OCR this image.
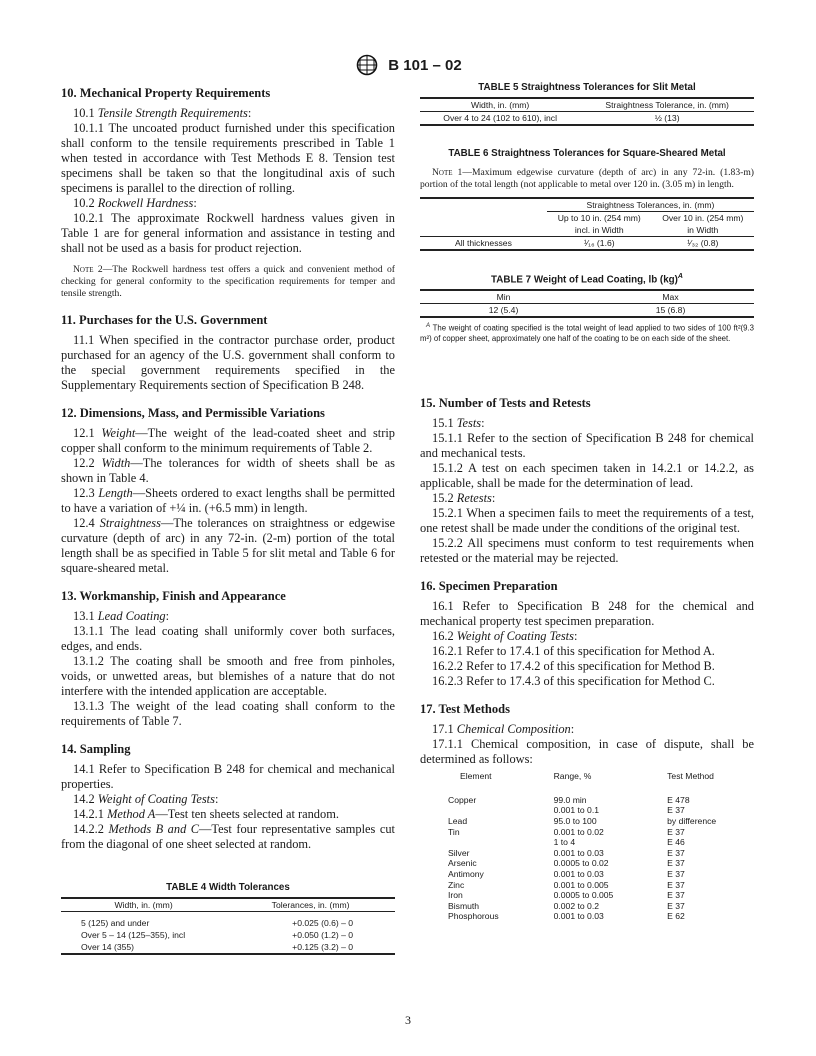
B 101 – 02
10. Mechanical Property Requirements

10.1 Tensile Strength Requirements:

10.1.1 The uncoated product furnished under this specification shall conform to the tensile requirements prescribed in Table 1 when tested in accordance with Test Methods E 8. Tension test specimens shall be taken so that the longitudinal axis of such specimens is parallel to the direction of rolling.

10.2 Rockwell Hardness:

10.2.1 The approximate Rockwell hardness values given in Table 1 are for general information and assistance in testing and shall not be used as a basis for product rejection.

Note 2—The Rockwell hardness test offers a quick and convenient method of checking for general conformity to the specification requirements for temper and tensile strength.

11. Purchases for the U.S. Government

11.1 When specified in the contractor purchase order, product purchased for an agency of the U.S. government shall conform to the special government requirements specified in the Supplementary Requirements section of Specification B 248.

12. Dimensions, Mass, and Permissible Variations

12.1 Weight—The weight of the lead-coated sheet and strip copper shall conform to the minimum requirements of Table 2.

12.2 Width—The tolerances for width of sheets shall be as shown in Table 4.

12.3 Length—Sheets ordered to exact lengths shall be permitted to have a variation of +¼ in. (+6.5 mm) in length.

12.4 Straightness—The tolerances on straightness or edgewise curvature (depth of arc) in any 72-in. (2-m) portion of the total length shall be as specified in Table 5 for slit metal and Table 6 for square-sheared metal.

13. Workmanship, Finish and Appearance

13.1 Lead Coating:

13.1.1 The lead coating shall uniformly cover both surfaces, edges, and ends.

13.1.2 The coating shall be smooth and free from pinholes, voids, or unwetted areas, but blemishes of a nature that do not interfere with the intended application are acceptable.

13.1.3 The weight of the lead coating shall conform to the requirements of Table 7.

14. Sampling

14.1 Refer to Specification B 248 for chemical and mechanical properties.

14.2 Weight of Coating Tests:

14.2.1 Method A—Test ten sheets selected at random.

14.2.2 Methods B and C—Test four representative samples cut from the diagonal of one sheet selected at random.

TABLE 4 Width Tolerances
Width, in. (mm)	Tolerances, in. (mm)

5 (125) and under	+0.025 (0.6) – 0
Over 5 – 14 (125–355), incl	+0.050 (1.2) – 0
Over 14 (355)	+0.125 (3.2) – 0
TABLE 5 Straightness Tolerances for Slit Metal
Width, in. (mm)	Straightness Tolerance, in. (mm)
Over 4 to 24 (102 to 610), incl	½ (13)
TABLE 6 Straightness Tolerances for Square-Sheared Metal

Note 1—Maximum edgewise curvature (depth of arc) in any 72-in. (1.83-m) portion of the total length (not applicable to metal over 120 in. (3.05 m) in length.

	Straightness Tolerances, in. (mm)	
	Up to 10 in. (254 mm)	Over 10 in. (254 mm)
	incl. in Width	in Width
All thicknesses	¹⁄₁₆ (1.6)	¹⁄₃₂ (0.8)
TABLE 7 Weight of Lead Coating, lb (kg)$^A$
Min	Max
12 (5.4)	15 (6.8)

$^A$ The weight of coating specified is the total weight of lead applied to two sides of 100 ft²(9.3 m²) of copper sheet, approximately one half of the coating to be on each side of the sheet.

15. Number of Tests and Retests

15.1 Tests:

15.1.1 Refer to the section of Specification B 248 for chemical and mechanical tests.

15.1.2 A test on each specimen taken in 14.2.1 or 14.2.2, as applicable, shall be made for the determination of lead.

15.2 Retests:

15.2.1 When a specimen fails to meet the requirements of a test, one retest shall be made under the conditions of the original test.

15.2.2 All specimens must conform to test requirements when retested or the material may be rejected.

16. Specimen Preparation

16.1 Refer to Specification B 248 for the chemical and mechanical property test specimen preparation.

16.2 Weight of Coating Tests:

16.2.1 Refer to 17.4.1 of this specification for Method A.

16.2.2 Refer to 17.4.2 of this specification for Method B.

16.2.3 Refer to 17.4.3 of this specification for Method C.

17. Test Methods

17.1 Chemical Composition:

17.1.1 Chemical composition, in case of dispute, shall be determined as follows:

Element	Range, %	Test Method
Copper	99.0 min	E 478
	0.001 to 0.1	E 37
Lead	95.0 to 100	by difference
Tin	0.001 to 0.02	E 37
	1 to 4	E 46
Silver	0.001 to 0.03	E 37
Arsenic	0.0005 to 0.02	E 37
Antimony	0.001 to 0.03	E 37
Zinc	0.001 to 0.005	E 37
Iron	0.0005 to 0.005	E 37
Bismuth	0.002 to 0.2	E 37
Phosphorous	0.001 to 0.03	E 62
3
